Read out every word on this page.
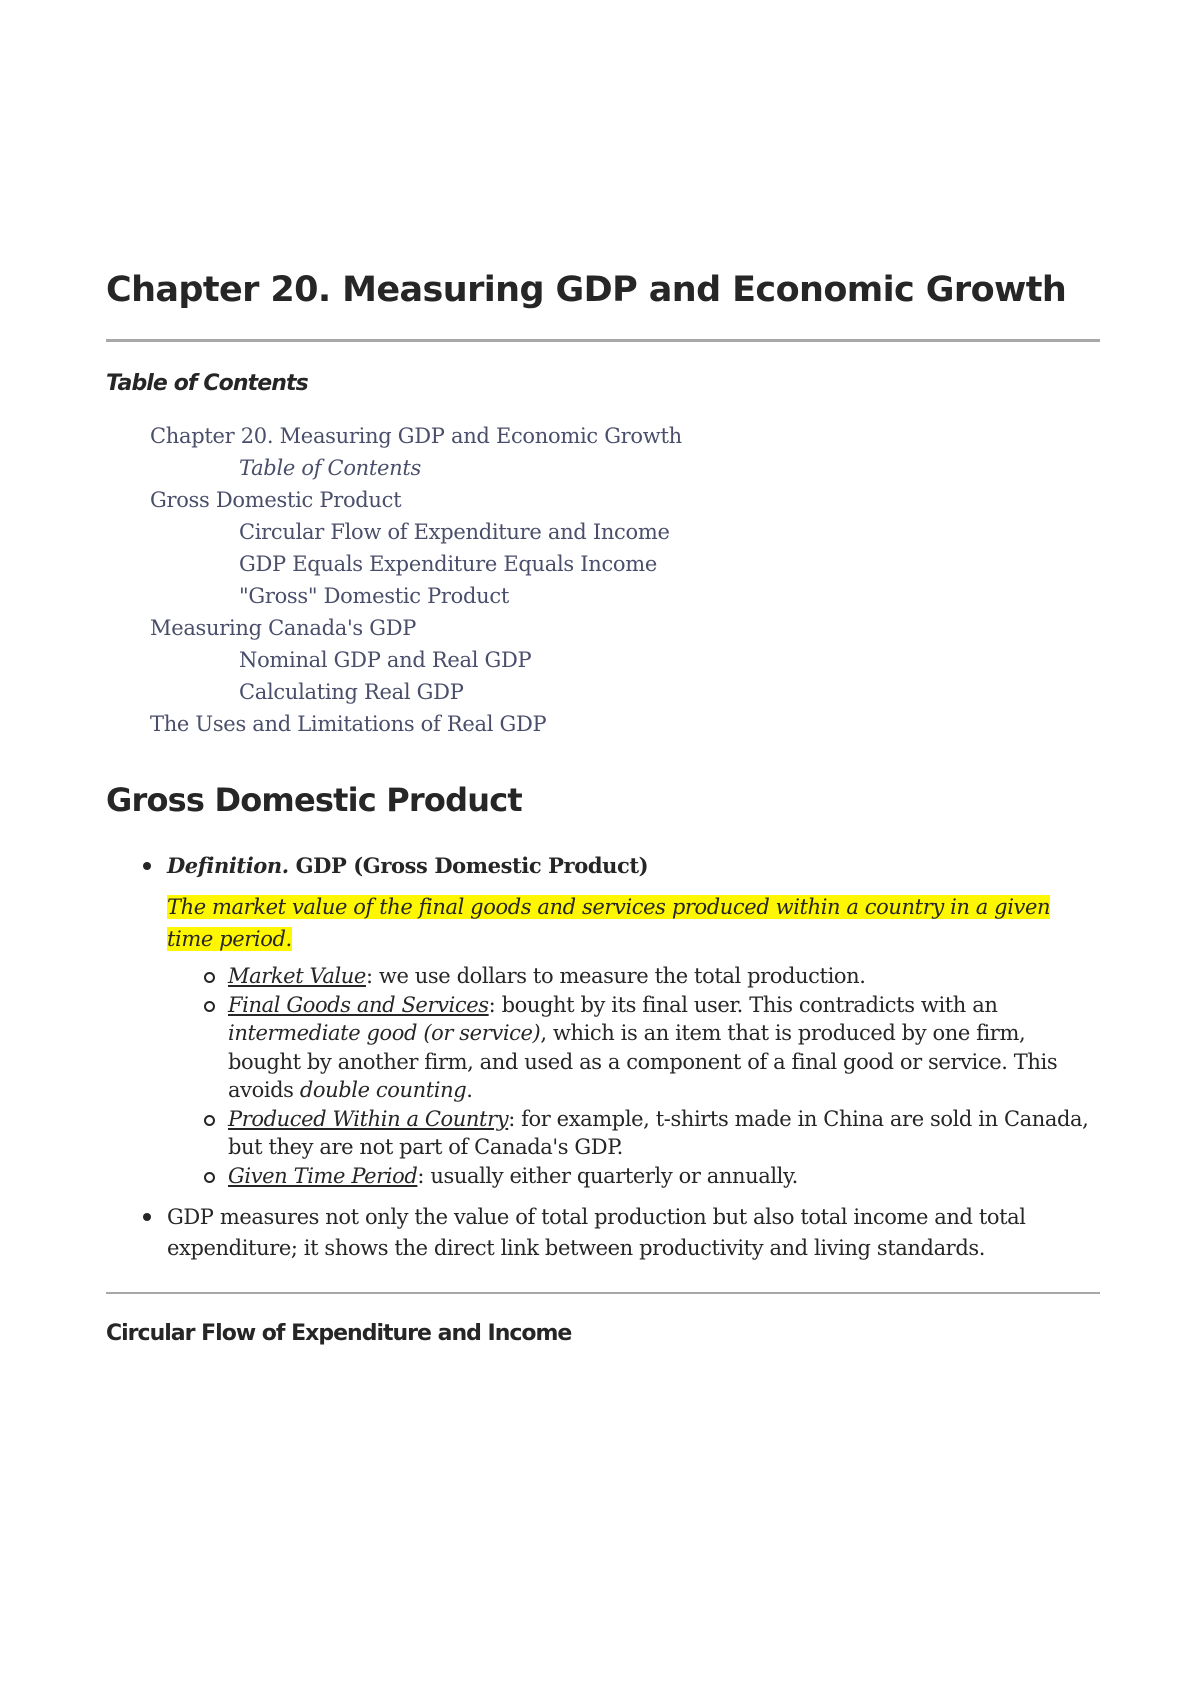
Chapter 20. Measuring GDP and Economic Growth
Table of Contents
Chapter 20. Measuring GDP and Economic Growth
Table of Contents
Gross Domestic Product
Circular Flow of Expenditure and Income
GDP Equals Expenditure Equals Income
"Gross" Domestic Product
Measuring Canada's GDP
Nominal GDP and Real GDP
Calculating Real GDP
The Uses and Limitations of Real GDP
Gross Domestic Product
Definition. GDP (Gross Domestic Product)
The market value of the final goods and services produced within a country in a given time period.
Market Value: we use dollars to measure the total production.
Final Goods and Services: bought by its final user. This contradicts with an intermediate good (or service), which is an item that is produced by one firm, bought by another firm, and used as a component of a final good or service. This avoids double counting.
Produced Within a Country: for example, t-shirts made in China are sold in Canada, but they are not part of Canada's GDP.
Given Time Period: usually either quarterly or annually.
GDP measures not only the value of total production but also total income and total expenditure; it shows the direct link between productivity and living standards.
Circular Flow of Expenditure and Income
